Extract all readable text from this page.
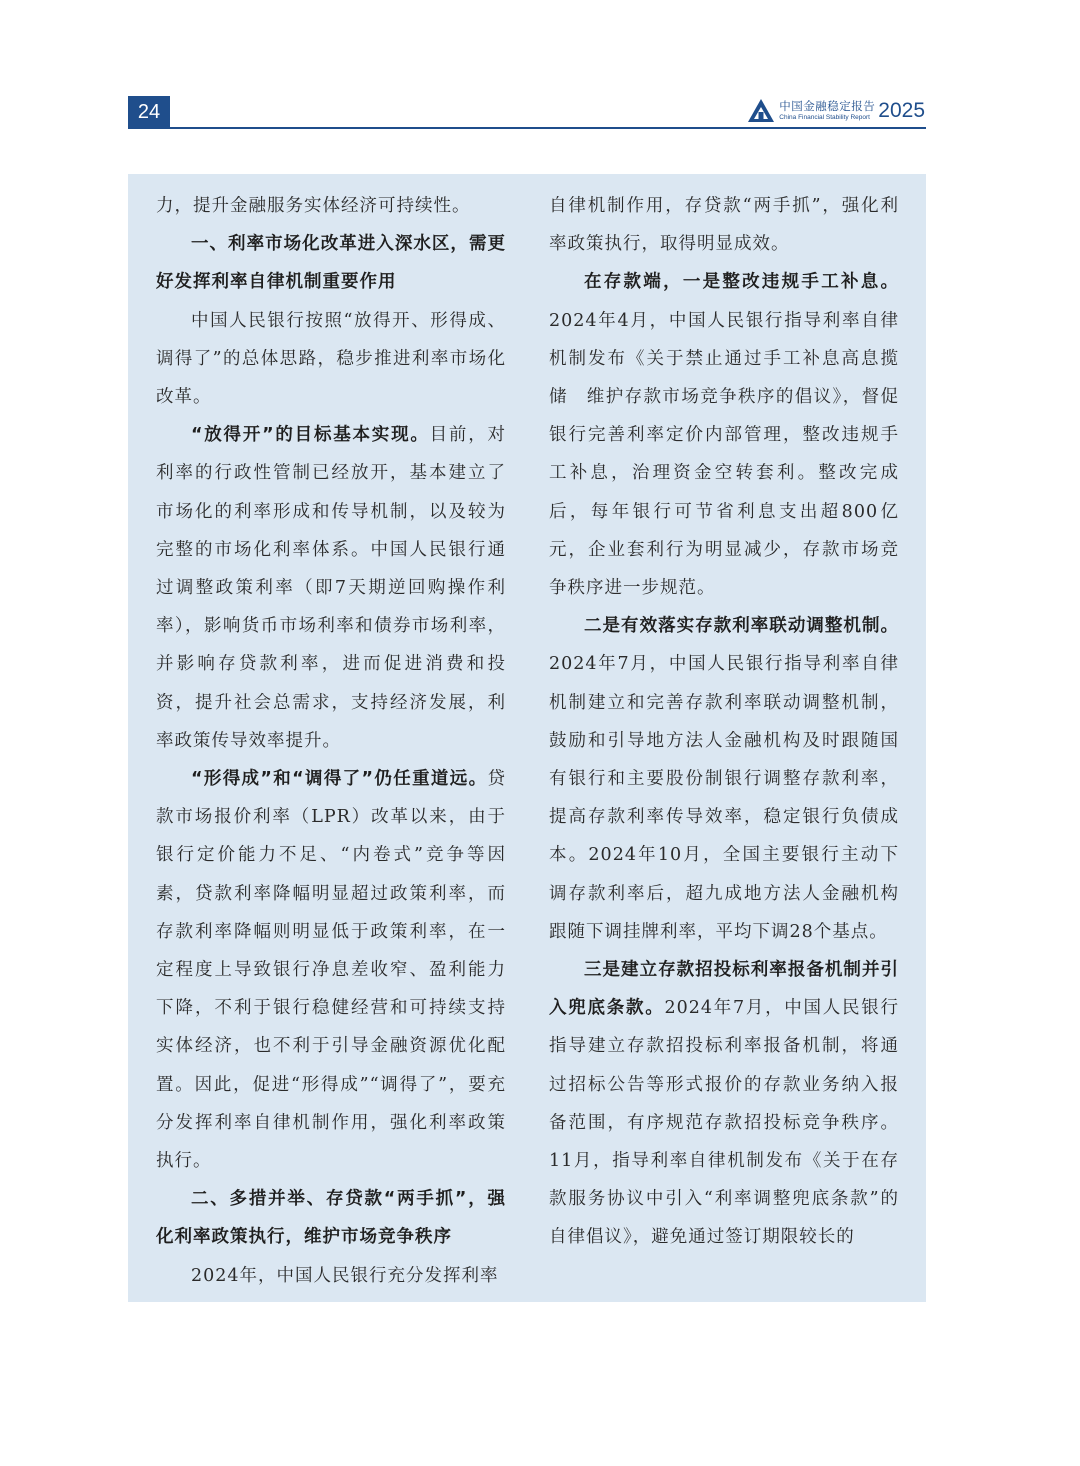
24	中国金融稳定报告
China Financial Stability Report 2025

力，提升金融服务实体经济可持续性。

一、利率市场化改革进入深水区，需更好发挥利率自律机制重要作用

中国人民银行按照“放得开、形得成、调得了”的总体思路，稳步推进利率市场化改革。

“放得开”的目标基本实现。目前，对利率的行政性管制已经放开，基本建立了市场化的利率形成和传导机制，以及较为完整的市场化利率体系。中国人民银行通过调整政策利率（即7天期逆回购操作利率），影响货币市场利率和债券市场利率，并影响存贷款利率，进而促进消费和投资，提升社会总需求，支持经济发展，利率政策传导效率提升。

“形得成”和“调得了”仍任重道远。贷款市场报价利率（LPR）改革以来，由于银行定价能力不足、“内卷式”竞争等因素，贷款利率降幅明显超过政策利率，而存款利率降幅则明显低于政策利率，在一定程度上导致银行净息差收窄、盈利能力下降，不利于银行稳健经营和可持续支持实体经济，也不利于引导金融资源优化配置。因此，促进“形得成”“调得了”，要充分发挥利率自律机制作用，强化利率政策执行。

二、多措并举、存贷款“两手抓”，强化利率政策执行，维护市场竞争秩序

2024年，中国人民银行充分发挥利率

自律机制作用，存贷款“两手抓”，强化利率政策执行，取得明显成效。

在存款端，一是整改违规手工补息。2024年4月，中国人民银行指导利率自律机制发布《关于禁止通过手工补息高息揽储　维护存款市场竞争秩序的倡议》，督促银行完善利率定价内部管理，整改违规手工补息，治理资金空转套利。整改完成后，每年银行可节省利息支出超800亿元，企业套利行为明显减少，存款市场竞争秩序进一步规范。

二是有效落实存款利率联动调整机制。2024年7月，中国人民银行指导利率自律机制建立和完善存款利率联动调整机制，鼓励和引导地方法人金融机构及时跟随国有银行和主要股份制银行调整存款利率，提高存款利率传导效率，稳定银行负债成本。2024年10月，全国主要银行主动下调存款利率后，超九成地方法人金融机构跟随下调挂牌利率，平均下调28个基点。

三是建立存款招投标利率报备机制并引入兜底条款。2024年7月，中国人民银行指导建立存款招投标利率报备机制，将通过招标公告等形式报价的存款业务纳入报备范围，有序规范存款招投标竞争秩序。11月，指导利率自律机制发布《关于在存款服务协议中引入“利率调整兜底条款”的自律倡议》，避免通过签订期限较长的
